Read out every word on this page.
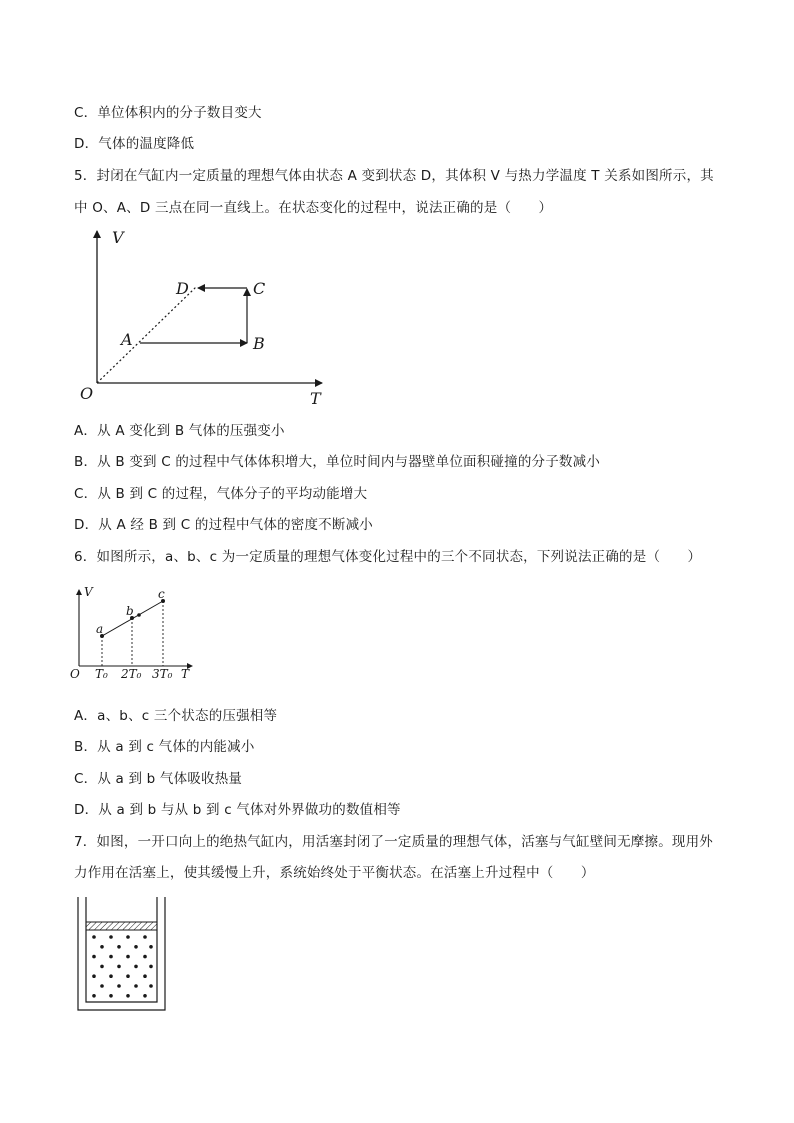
C．单位体积内的分子数目变大
D．气体的温度降低
5．封闭在气缸内一定质量的理想气体由状态 A 变到状态 D，其体积 V 与热力学温度 T 关系如图所示，其
中 O、A、D 三点在同一直线上。在状态变化的过程中，说法正确的是（　　）
V
T
O
A	B
C
D
A．从 A 变化到 B 气体的压强变小
B．从 B 变到 C 的过程中气体体积增大，单位时间内与器壁单位面积碰撞的分子数减小
C．从 B 到 C 的过程，气体分子的平均动能增大
D．从 A 经 B 到 C 的过程中气体的密度不断减小
6．如图所示，a、b、c 为一定质量的理想气体变化过程中的三个不同状态，下列说法正确的是（　　）
V
T
O
a
b
c
T₀ 2T₀ 3T₀
A．a、b、c 三个状态的压强相等
B．从 a 到 c 气体的内能减小
C．从 a 到 b 气体吸收热量
D．从 a 到 b 与从 b 到 c 气体对外界做功的数值相等
7．如图，一开口向上的绝热气缸内，用活塞封闭了一定质量的理想气体，活塞与气缸壁间无摩擦。现用外
力作用在活塞上，使其缓慢上升，系统始终处于平衡状态。在活塞上升过程中（　　）
